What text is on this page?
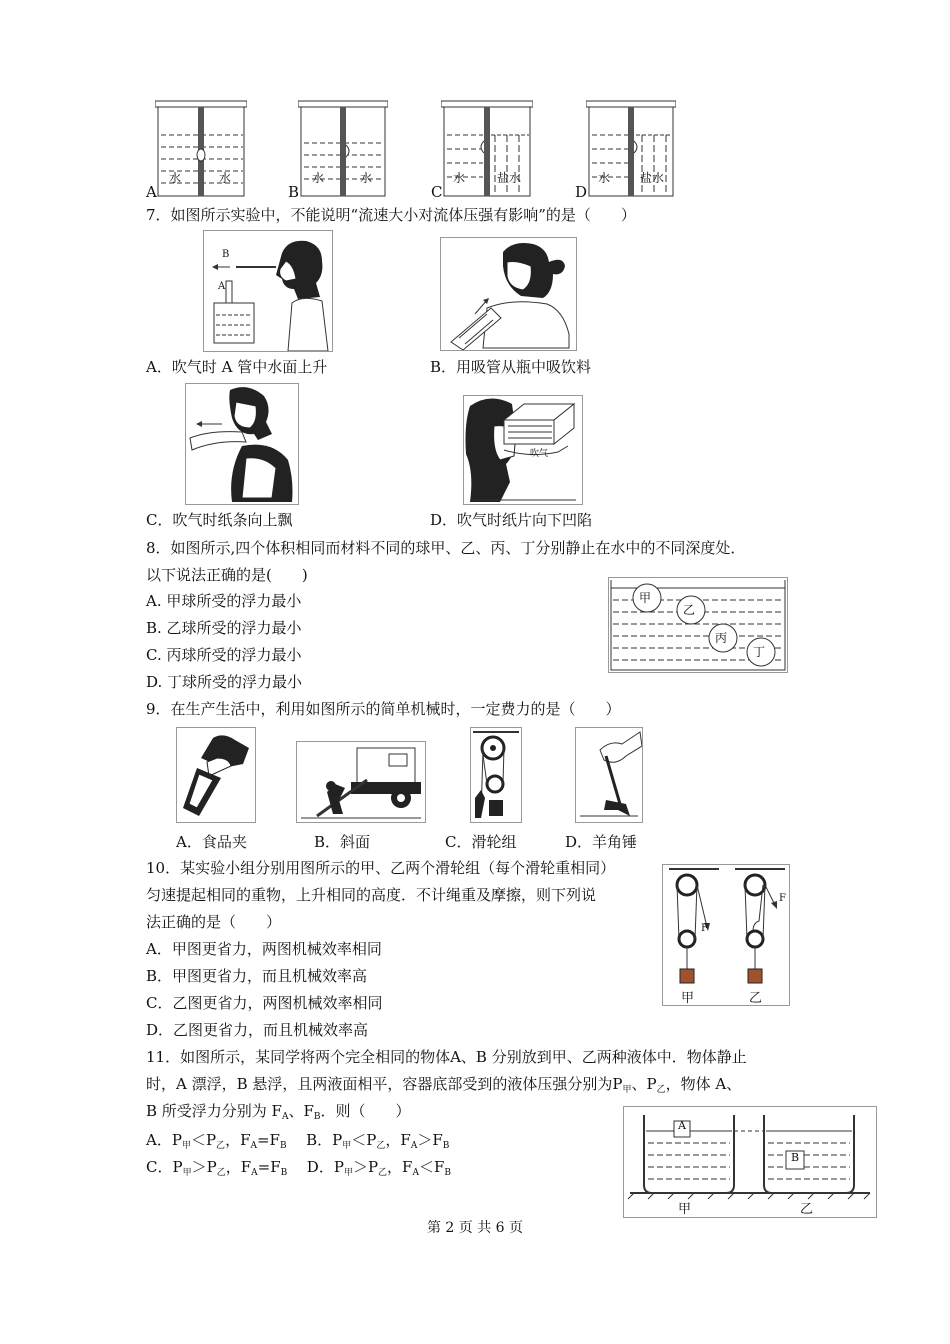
A
水	水
B
水	水
C
水	盐水
D
水 盐水
7．如图所示实验中，不能说明“流速大小对流体压强有影响”的是（　　）
B
A
A．吹气时 A 管中水面上升	B．用吸管从瓶中吸饮料
吹气
C．吹气时纸条向上飘	D．吹气时纸片向下凹陷
8．如图所示,四个体积相同而材料不同的球甲、乙、丙、丁分别静止在水中的不同深度处．
以下说法正确的是(　　)
A. 甲球所受的浮力最小
B. 乙球所受的浮力最小
C. 丙球所受的浮力最小
D. 丁球所受的浮力最小
甲
乙
丙
丁
9．在生产生活中，利用如图所示的简单机械时，一定费力的是（　　）
A．食品夹	B．斜面	C．滑轮组	D．羊角锤
10．某实验小组分别用图所示的甲、乙两个滑轮组（每个滑轮重相同）
匀速提起相同的重物，上升相同的高度．不计绳重及摩擦，则下列说
法正确的是（　　）
A．甲图更省力，两图机械效率相同
B．甲图更省力，而且机械效率高
C．乙图更省力，两图机械效率相同
D．乙图更省力，而且机械效率高
F
F
甲	乙
11．如图所示，某同学将两个完全相同的物体A、B 分别放到甲、乙两种液体中．物体静止
时，A 漂浮，B 悬浮，且两液面相平，容器底部受到的液体压强分别为$P_甲$、$P_乙$，物体 A、
B 所受浮力分别为 $F_A$、$F_B$．则（　　）
A．$P_甲<P_乙$，$F_A=F_B$ B．$P_甲<P_乙$，$F_A>F_B$
C．$P_甲>P_乙$，$F_A=F_B$ D．$P_甲>P_乙$，$F_A<F_B$
A
B
甲	乙
第 2 页 共 6 页
